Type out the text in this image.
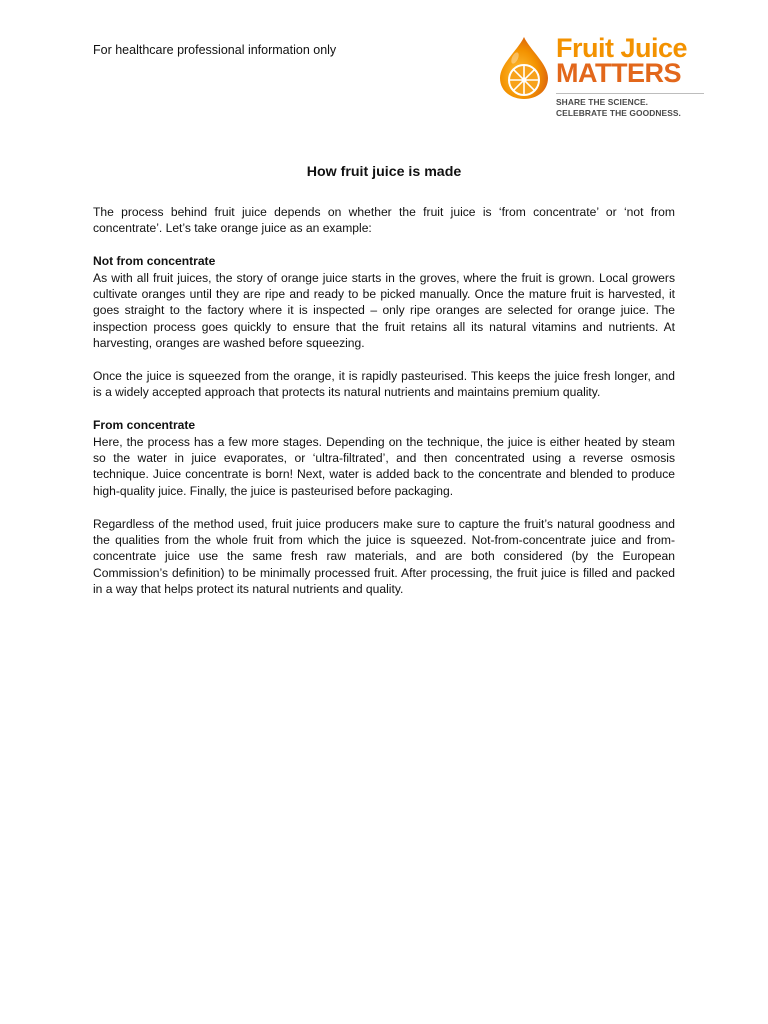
For healthcare professional information only	Fruit Juice
MATTERS
SHARE THE SCIENCE.
CELEBRATE THE GOODNESS.
How fruit juice is made

The process behind fruit juice depends on whether the fruit juice is ‘from concentrate’ or ‘not from concentrate’. Let’s take orange juice as an example:

Not from concentrate

As with all fruit juices, the story of orange juice starts in the groves, where the fruit is grown. Local growers cultivate oranges until they are ripe and ready to be picked manually. Once the mature fruit is harvested, it goes straight to the factory where it is inspected – only ripe oranges are selected for orange juice. The inspection process goes quickly to ensure that the fruit retains all its natural vitamins and nutrients. At harvesting, oranges are washed before squeezing.

Once the juice is squeezed from the orange, it is rapidly pasteurised. This keeps the juice fresh longer, and is a widely accepted approach that protects its natural nutrients and maintains premium quality.

From concentrate

Here, the process has a few more stages. Depending on the technique, the juice is either heated by steam so the water in juice evaporates, or ‘ultra-filtrated’, and then concentrated using a reverse osmosis technique. Juice concentrate is born! Next, water is added back to the concentrate and blended to produce high-quality juice. Finally, the juice is pasteurised before packaging.

Regardless of the method used, fruit juice producers make sure to capture the fruit’s natural goodness and the qualities from the whole fruit from which the juice is squeezed. Not-from-concentrate juice and from-concentrate juice use the same fresh raw materials, and are both considered (by the European Commission’s definition) to be minimally processed fruit. After processing, the fruit juice is filled and packed in a way that helps protect its natural nutrients and quality.
